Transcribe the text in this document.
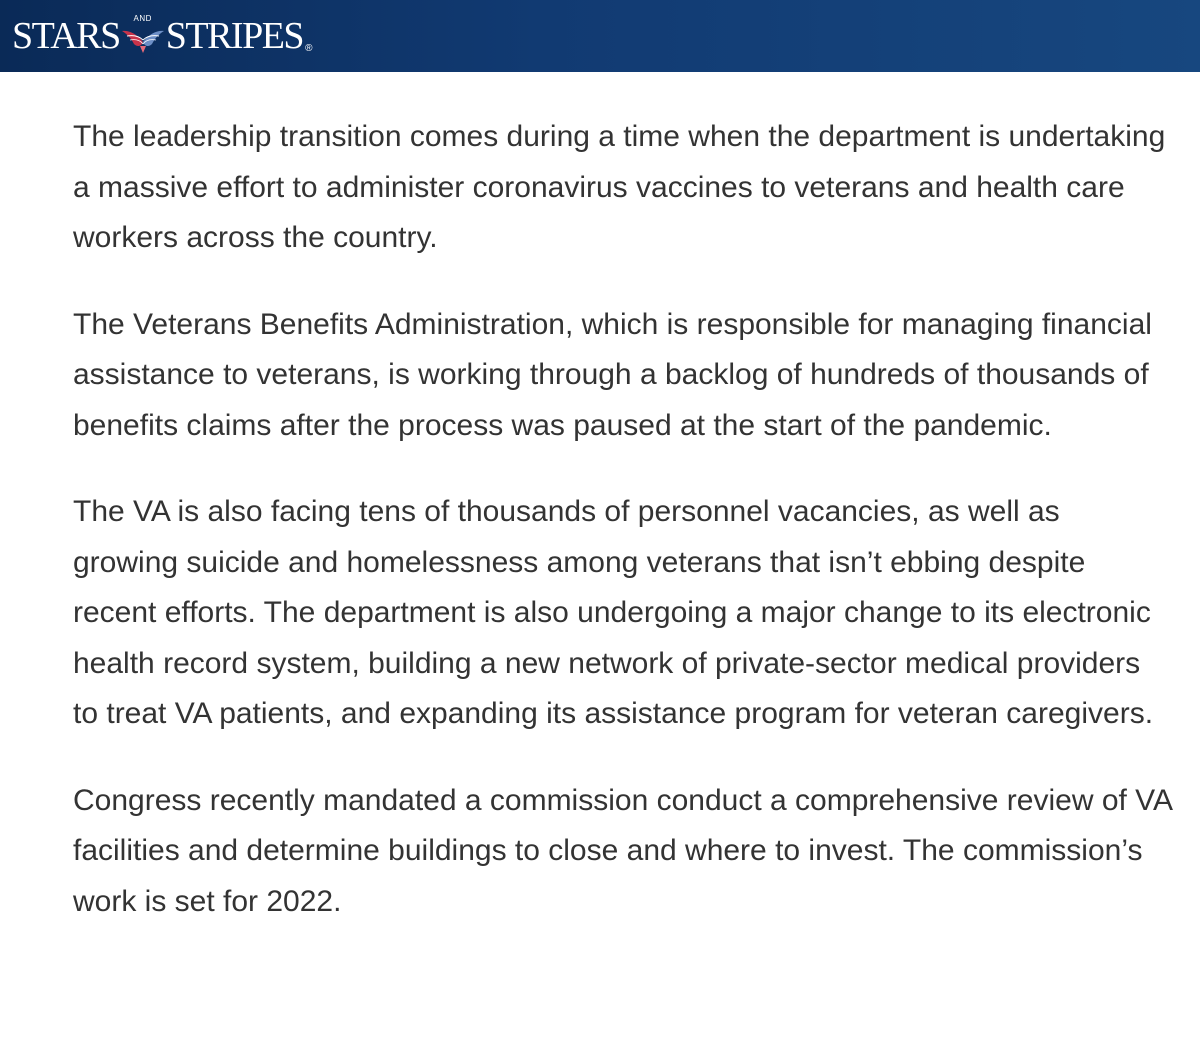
STARS	AND STRIPES ®

The leadership transition comes during a time when the department is undertaking a massive effort to administer coronavirus vaccines to veterans and health care workers across the country.

The Veterans Benefits Administration, which is responsible for managing financial assistance to veterans, is working through a backlog of hundreds of thousands of benefits claims after the process was paused at the start of the pandemic.

The VA is also facing tens of thousands of personnel vacancies, as well as growing suicide and homelessness among veterans that isn’t ebbing despite recent efforts. The department is also undergoing a major change to its electronic health record system, building a new network of private-sector medical providers to treat VA patients, and expanding its assistance program for veteran caregivers.

Congress recently mandated a commission conduct a comprehensive review of VA facilities and determine buildings to close and where to invest. The commission’s work is set for 2022.
